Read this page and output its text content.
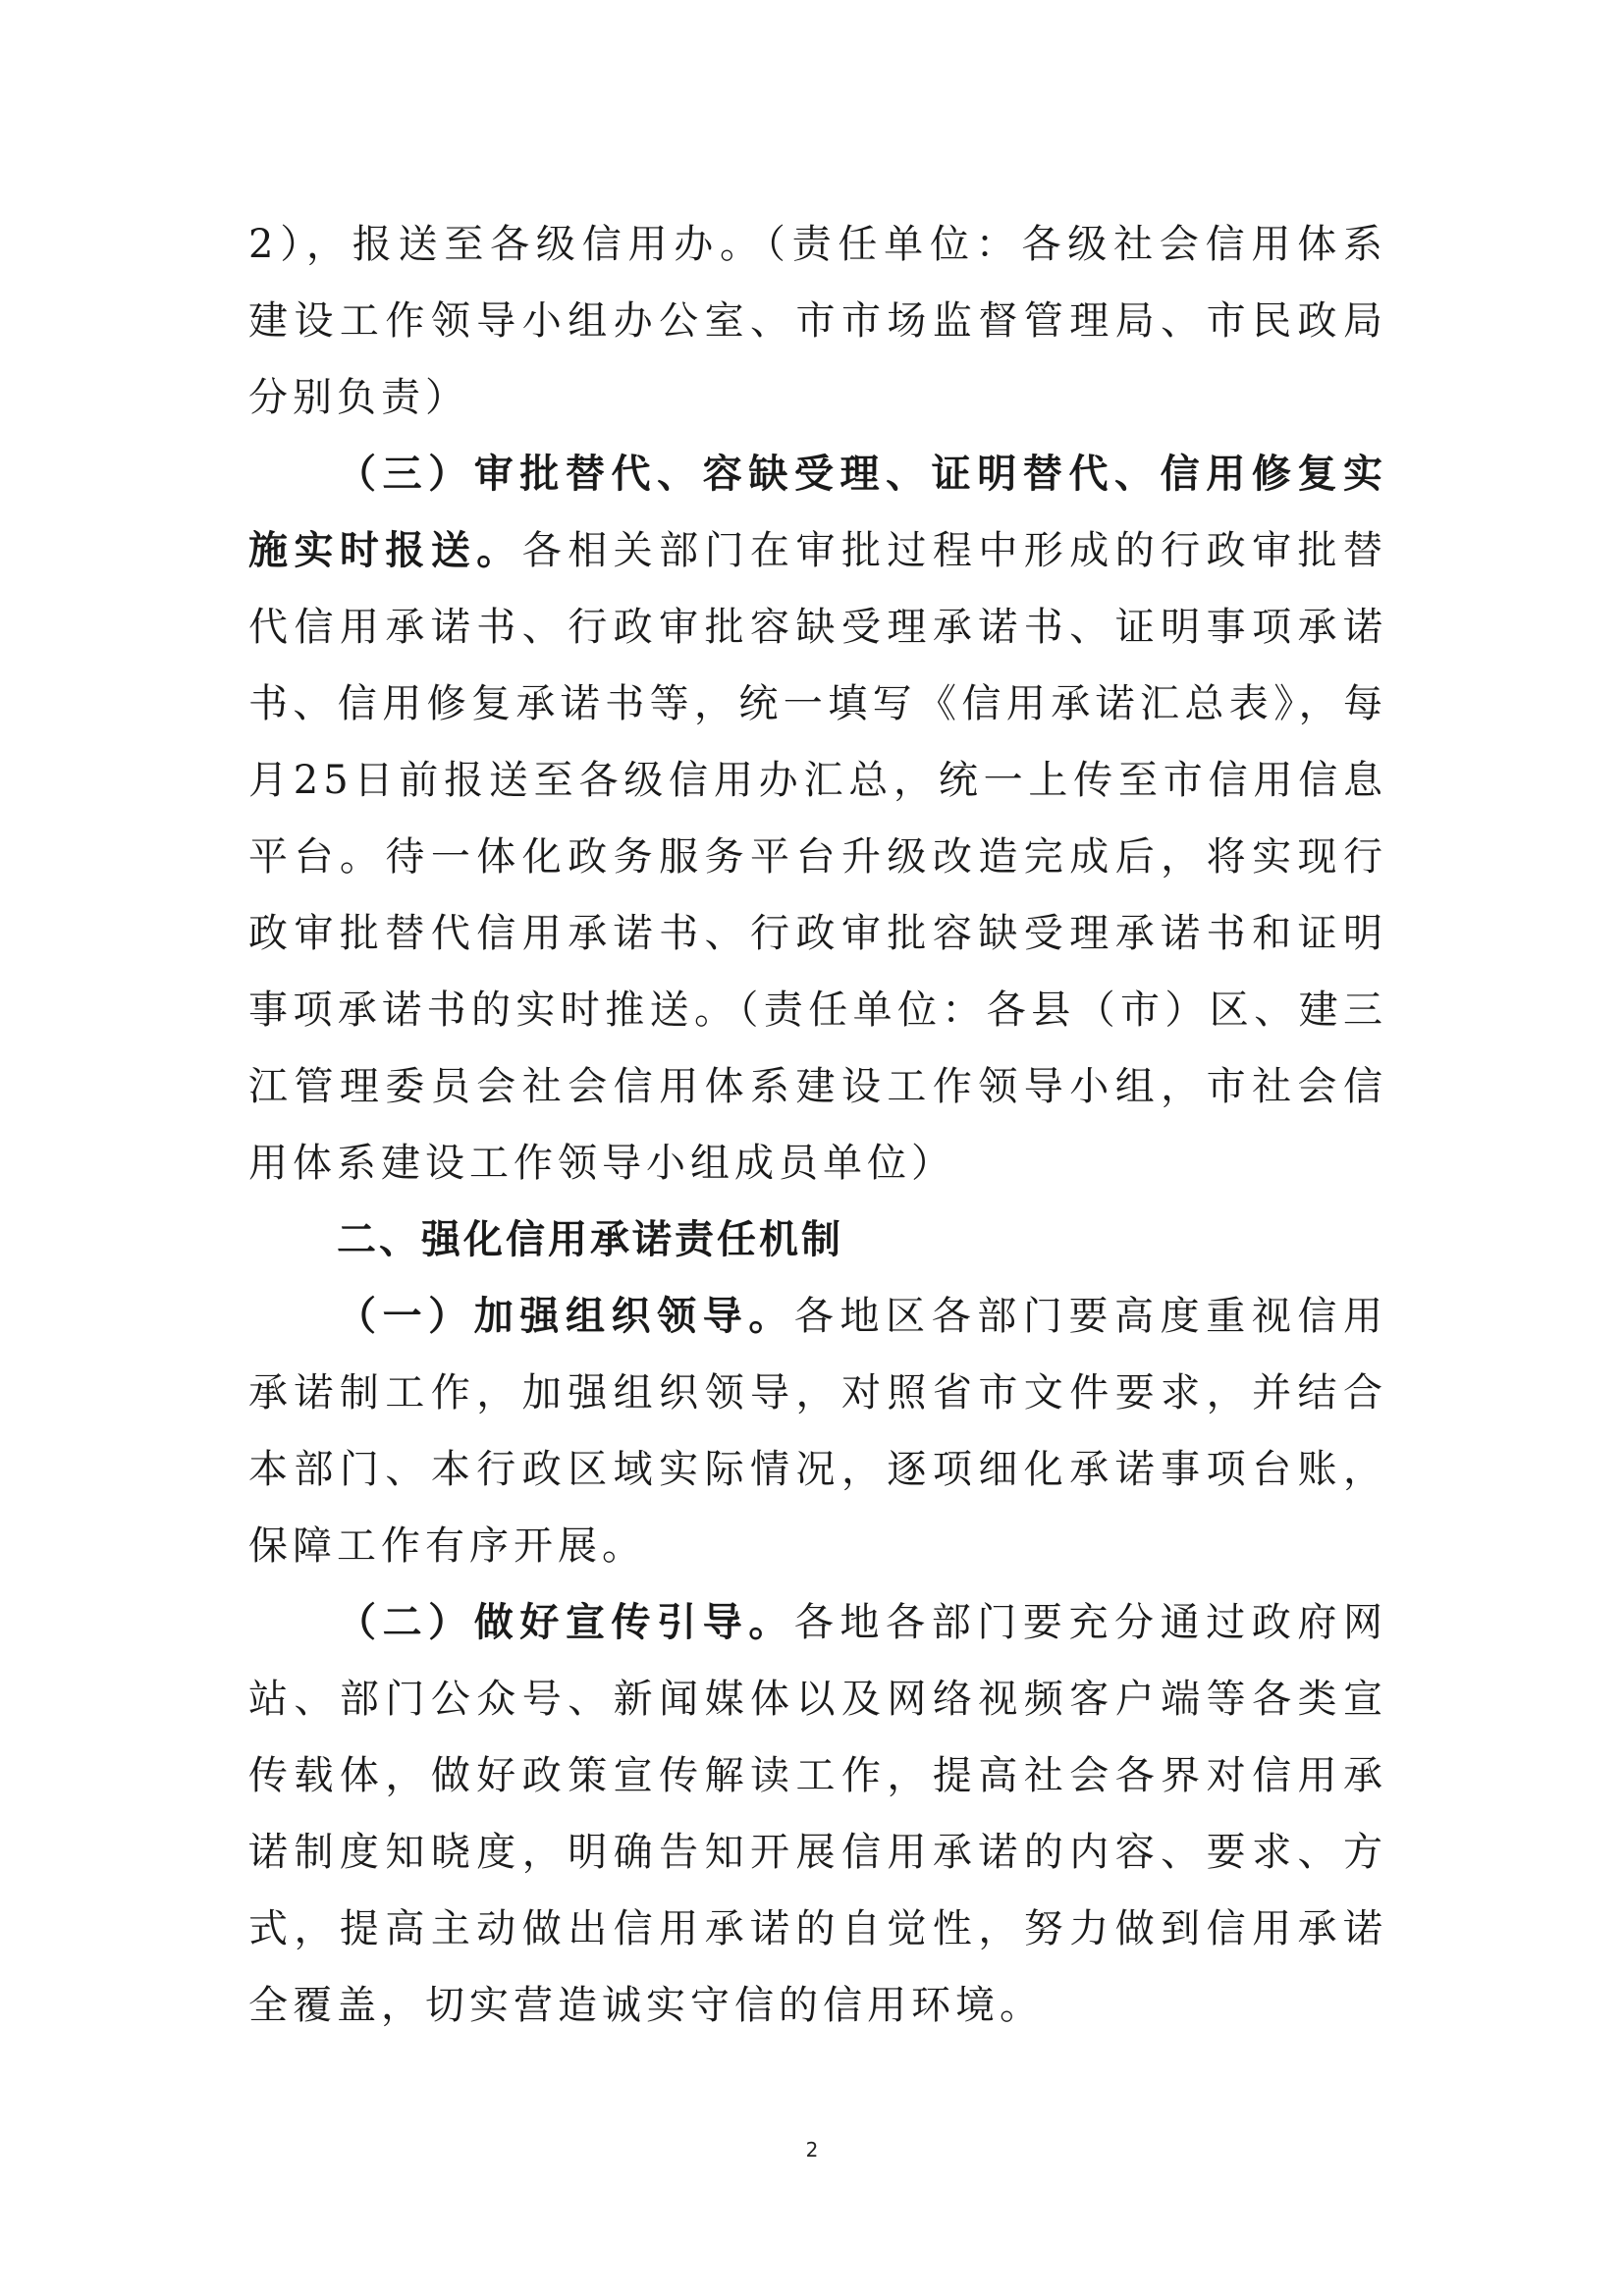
2），报送至各级信用办。（责任单位：各级社会信用体系建设工作领导小组办公室、市市场监督管理局、市民政局分别负责）

（三）审批替代、容缺受理、证明替代、信用修复实施实时报送。各相关部门在审批过程中形成的行政审批替代信用承诺书、行政审批容缺受理承诺书、证明事项承诺书、信用修复承诺书等，统一填写《信用承诺汇总表》，每月25日前报送至各级信用办汇总，统一上传至市信用信息平台。待一体化政务服务平台升级改造完成后，将实现行政审批替代信用承诺书、行政审批容缺受理承诺书和证明事项承诺书的实时推送。（责任单位：各县（市）区、建三江管理委员会社会信用体系建设工作领导小组，市社会信用体系建设工作领导小组成员单位）

二、强化信用承诺责任机制

（一）加强组织领导。各地区各部门要高度重视信用承诺制工作，加强组织领导，对照省市文件要求，并结合本部门、本行政区域实际情况，逐项细化承诺事项台账，保障工作有序开展。

（二）做好宣传引导。各地各部门要充分通过政府网站、部门公众号、新闻媒体以及网络视频客户端等各类宣传载体，做好政策宣传解读工作，提高社会各界对信用承诺制度知晓度，明确告知开展信用承诺的内容、要求、方式，提高主动做出信用承诺的自觉性，努力做到信用承诺全覆盖，切实营造诚实守信的信用环境。

2
